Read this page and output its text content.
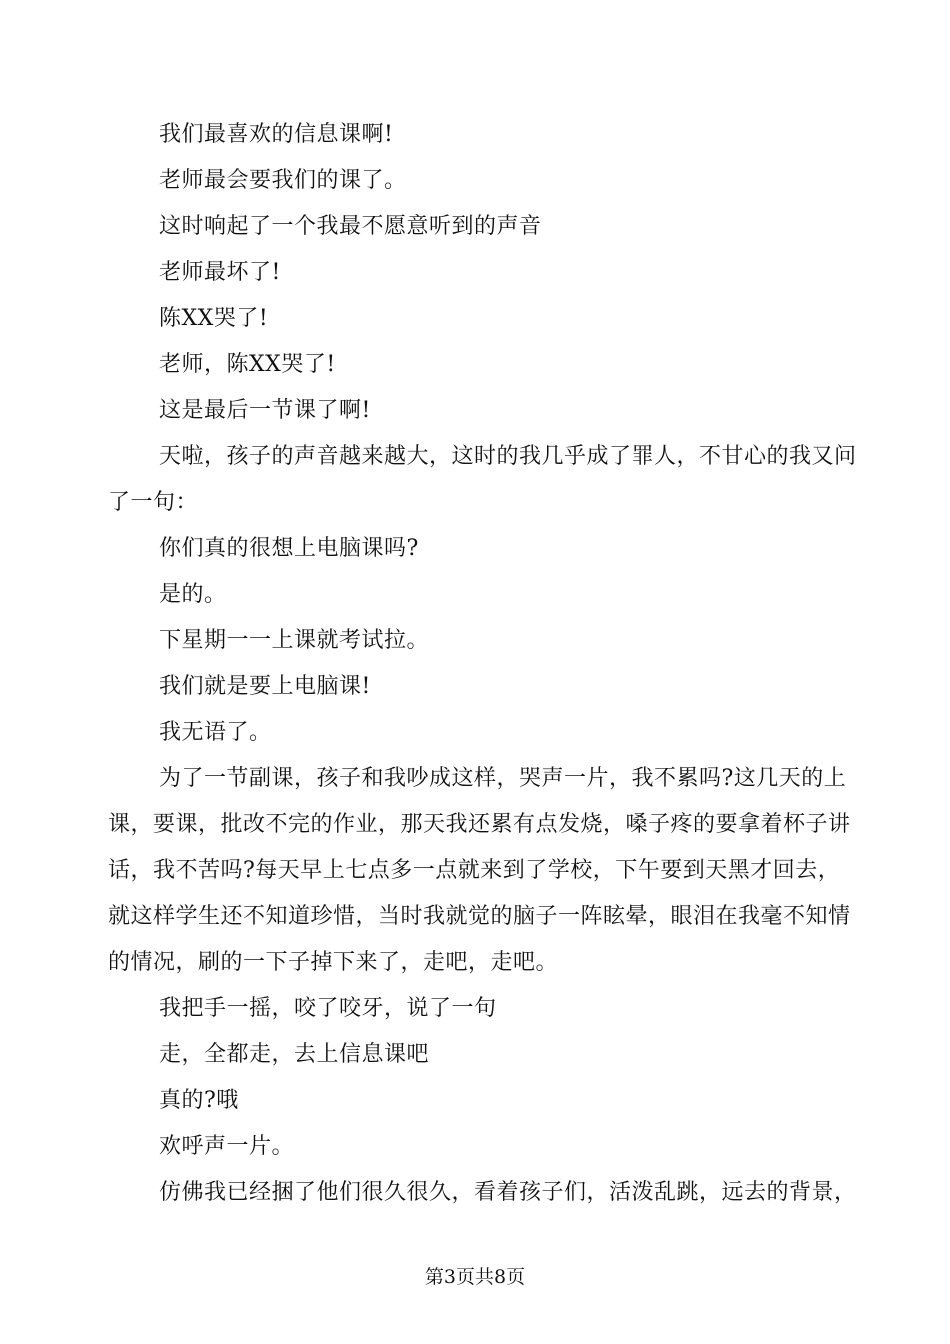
我们最喜欢的信息课啊!

老师最会要我们的课了。

这时响起了一个我最不愿意听到的声音

老师最坏了!

陈XX哭了!

老师，陈XX哭了!

这是最后一节课了啊!

天啦，孩子的声音越来越大，这时的我几乎成了罪人，不甘心的我又问了一句：

你们真的很想上电脑课吗?

是的。

下星期一一上课就考试拉。

我们就是要上电脑课!

我无语了。

为了一节副课，孩子和我吵成这样，哭声一片，我不累吗?这几天的上课，要课，批改不完的作业，那天我还累有点发烧，嗓子疼的要拿着杯子讲话，我不苦吗?每天早上七点多一点就来到了学校，下午要到天黑才回去，就这样学生还不知道珍惜，当时我就觉的脑子一阵眩晕，眼泪在我毫不知情的情况，刷的一下子掉下来了，走吧，走吧。

我把手一摇，咬了咬牙，说了一句

走，全都走，去上信息课吧

真的?哦

欢呼声一片。

仿佛我已经捆了他们很久很久，看着孩子们，活泼乱跳，远去的背景，

第3页共8页
